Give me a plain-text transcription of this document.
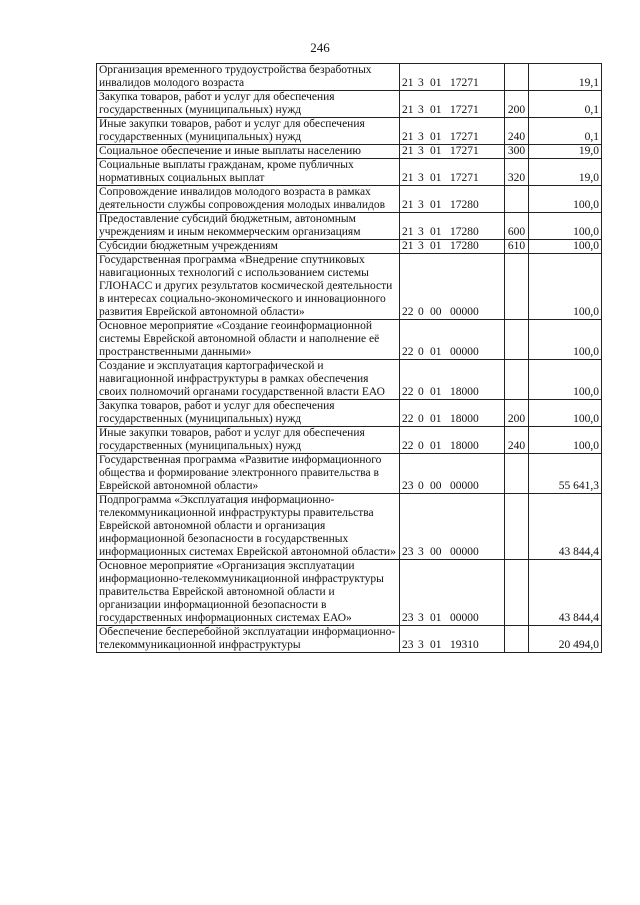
246
Организация временного трудоустройства безработных инвалидов молодого возраста	21 3 01 17271		19,1
Закупка товаров, работ и услуг для обеспечения государственных (муниципальных) нужд	21 3 01 17271	200	0,1
Иные закупки товаров, работ и услуг для обеспечения государственных (муниципальных) нужд	21 3 01 17271	240	0,1
Социальное обеспечение и иные выплаты населению	21 3 01 17271	300	19,0
Социальные выплаты гражданам, кроме публичных нормативных социальных выплат	21 3 01 17271	320	19,0
Сопровождение инвалидов молодого возраста в рамках деятельности службы сопровождения молодых инвалидов	21 3 01 17280		100,0
Предоставление субсидий бюджетным, автономным учреждениям и иным некоммерческим организациям	21 3 01 17280	600	100,0
Субсидии бюджетным учреждениям	21 3 01 17280	610	100,0
Государственная программа «Внедрение спутниковых навигационных технологий с использованием системы ГЛОНАСС и других результатов космической деятельности в интересах социально-экономического и инновационного развития Еврейской автономной области»	22 0 00 00000		100,0
Основное мероприятие «Создание геоинформационной системы Еврейской автономной области и наполнение её пространственными данными»	22 0 01 00000		100,0
Создание и эксплуатация картографической и навигационной инфраструктуры в рамках обеспечения своих полномочий органами государственной власти ЕАО	22 0 01 18000		100,0
Закупка товаров, работ и услуг для обеспечения государственных (муниципальных) нужд	22 0 01 18000	200	100,0
Иные закупки товаров, работ и услуг для обеспечения государственных (муниципальных) нужд	22 0 01 18000	240	100,0
Государственная программа «Развитие информационного общества и формирование электронного правительства в Еврейской автономной области»	23 0 00 00000		55 641,3
Подпрограмма «Эксплуатация информационно-телекоммуникационной инфраструктуры правительства Еврейской автономной области и организация информационной безопасности в государственных информационных системах Еврейской автономной области»	23 3 00 00000		43 844,4
Основное мероприятие «Организация эксплуатации информационно-телекоммуникационной инфраструктуры правительства Еврейской автономной области и организации информационной безопасности в государственных информационных системах ЕАО»	23 3 01 00000		43 844,4
Обеспечение бесперебойной эксплуатации информационно-телекоммуникационной инфраструктуры	23 3 01 19310		20 494,0
